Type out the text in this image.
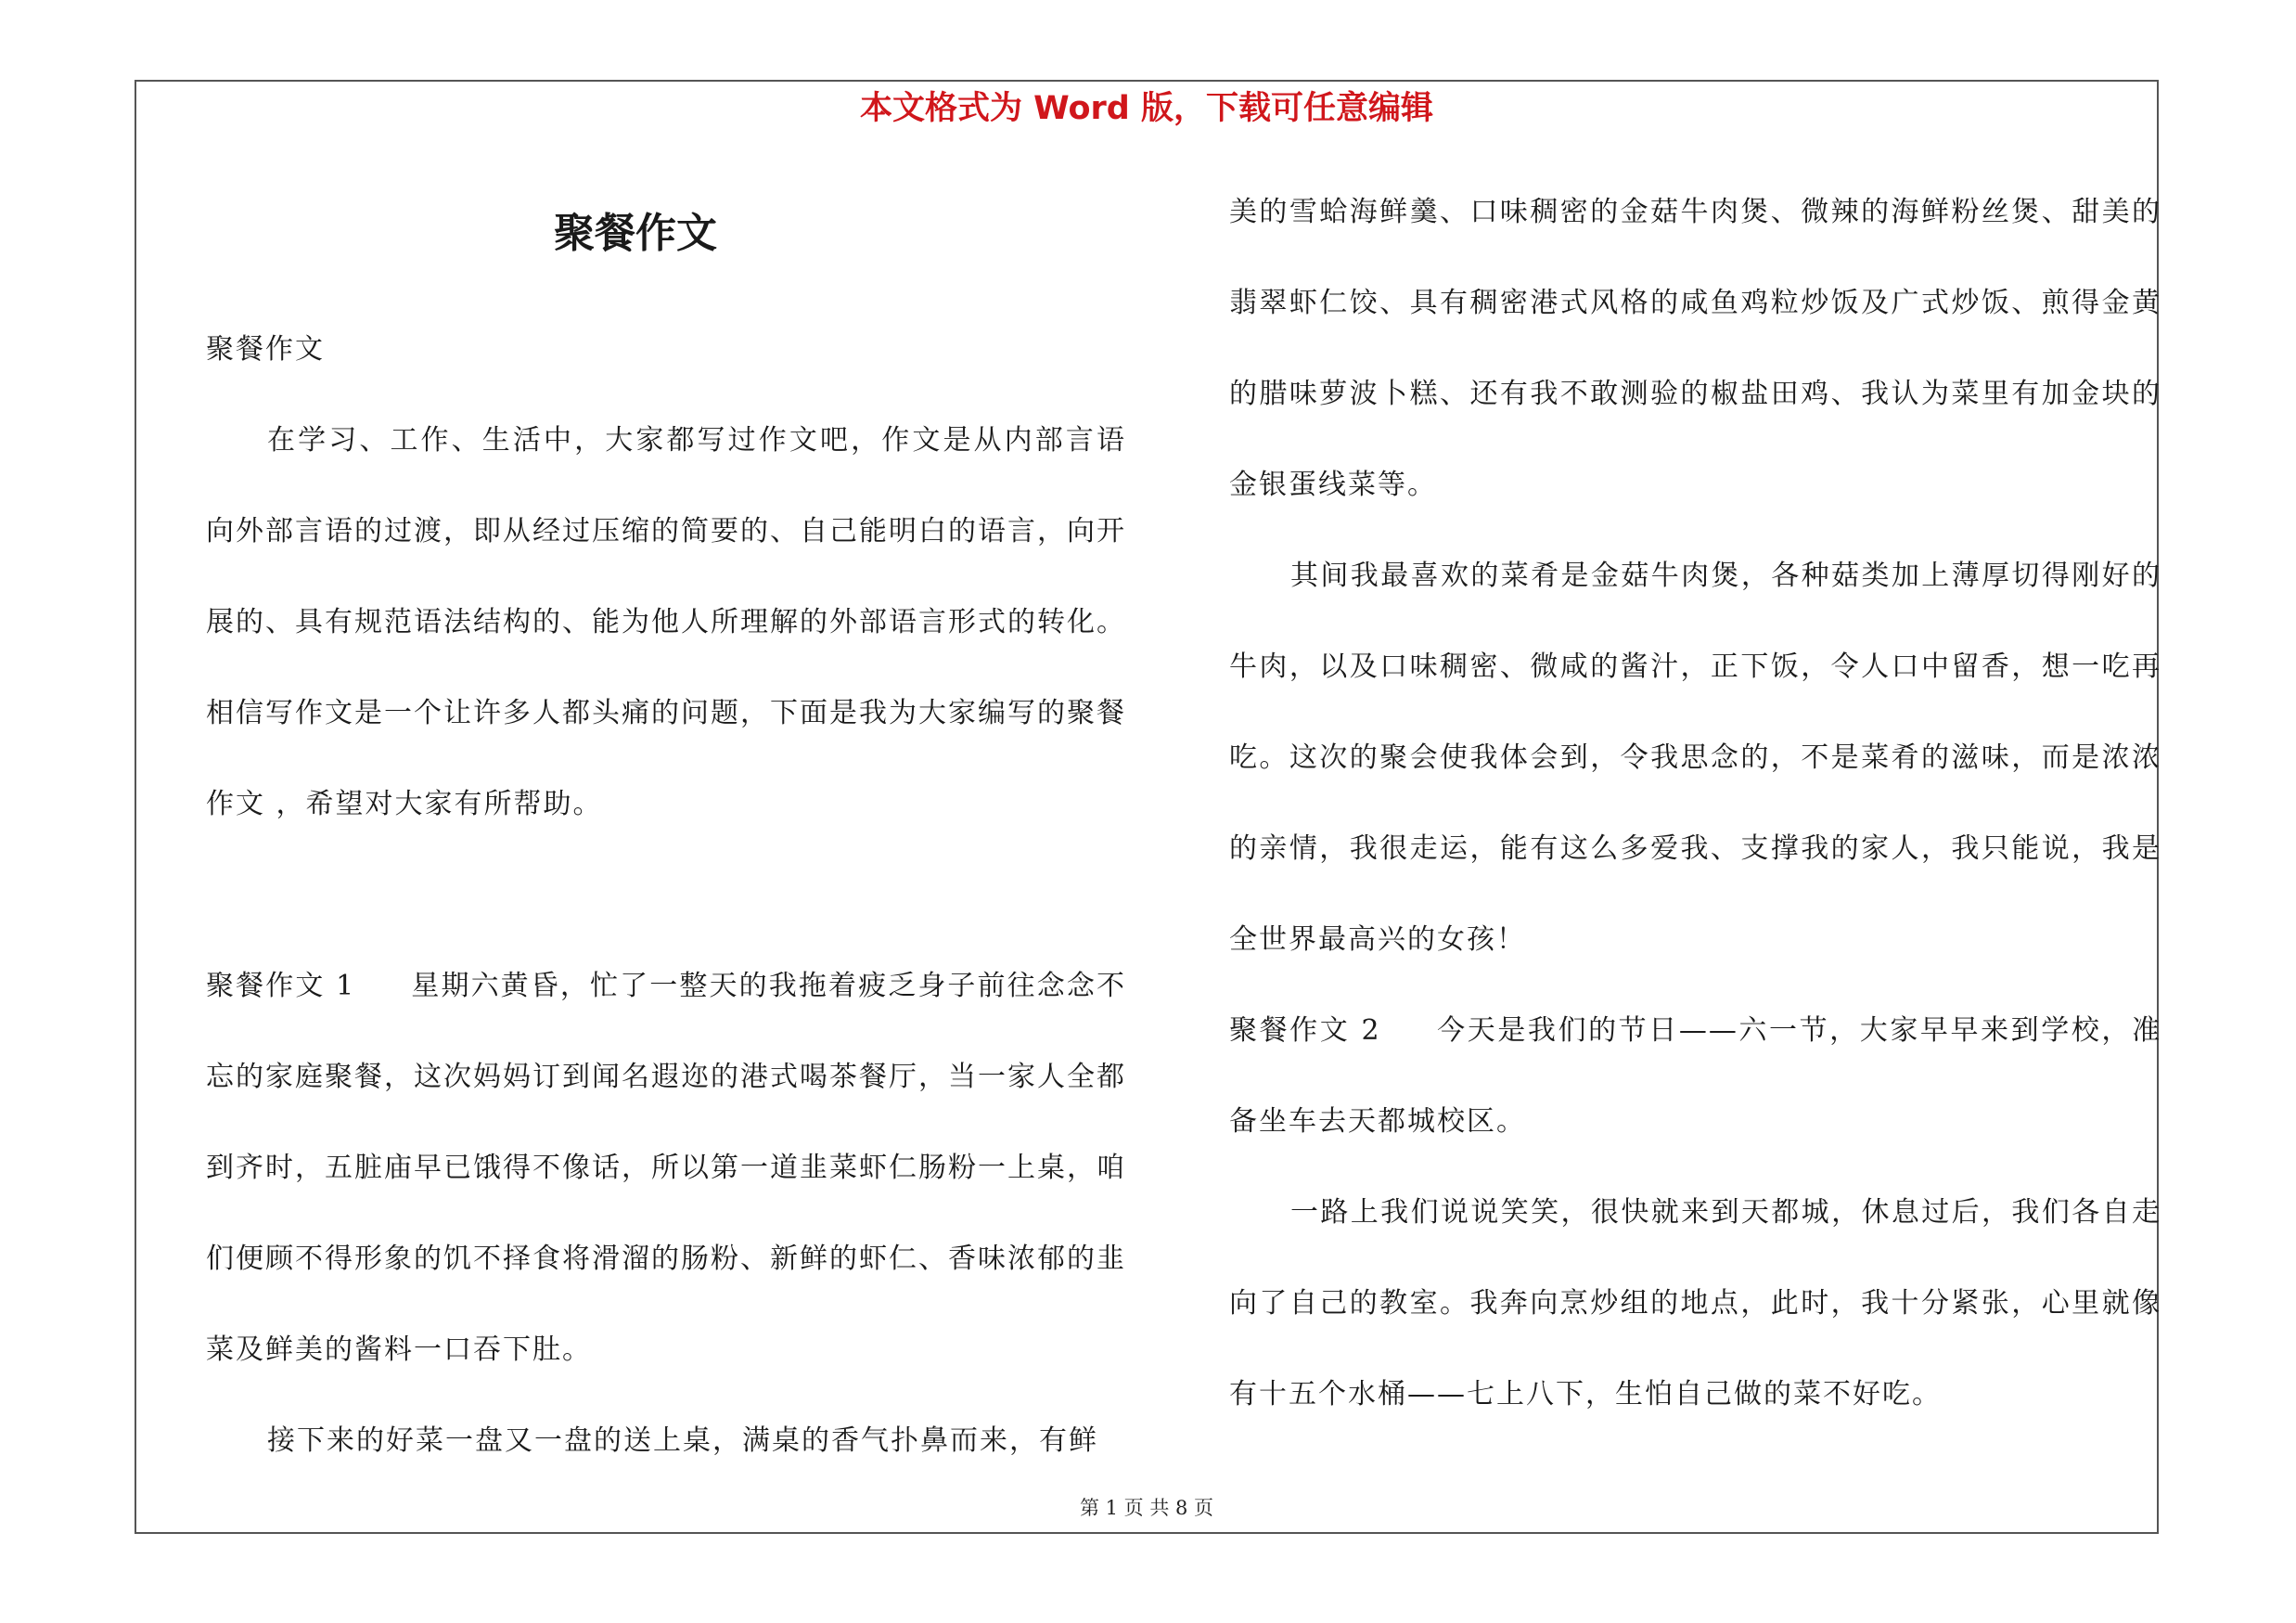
本文格式为 Word 版，下载可任意编辑
聚餐作文

聚餐作文

在学习、工作、生活中，大家都写过作文吧，作文是从内部言语向外部言语的过渡，即从经过压缩的简要的、自己能明白的语言，向开展的、具有规范语法结构的、能为他人所理解的外部语言形式的转化。相信写作文是一个让许多人都头痛的问题，下面是我为大家编写的聚餐作文 ，希望对大家有所帮助。

聚餐作文 1 星期六黄昏，忙了一整天的我拖着疲乏身子前往念念不忘的家庭聚餐，这次妈妈订到闻名遐迩的港式喝茶餐厅，当一家人全都到齐时，五脏庙早已饿得不像话，所以第一道韭菜虾仁肠粉一上桌，咱们便顾不得形象的饥不择食将滑溜的肠粉、新鲜的虾仁、香味浓郁的韭菜及鲜美的酱料一口吞下肚。

接下来的好菜一盘又一盘的送上桌，满桌的香气扑鼻而来，有鲜

美的雪蛤海鲜羹、口味稠密的金菇牛肉煲、微辣的海鲜粉丝煲、甜美的翡翠虾仁饺、具有稠密港式风格的咸鱼鸡粒炒饭及广式炒饭、煎得金黄的腊味萝波卜糕、还有我不敢测验的椒盐田鸡、我认为菜里有加金块的金银蛋线菜等。

其间我最喜欢的菜肴是金菇牛肉煲，各种菇类加上薄厚切得刚好的牛肉，以及口味稠密、微咸的酱汁，正下饭，令人口中留香，想一吃再吃。这次的聚会使我体会到，令我思念的，不是菜肴的滋味，而是浓浓的亲情，我很走运，能有这么多爱我、支撑我的家人，我只能说，我是全世界最高兴的女孩！

聚餐作文 2 今天是我们的节日——六一节，大家早早来到学校，准备坐车去天都城校区。

一路上我们说说笑笑，很快就来到天都城，休息过后，我们各自走向了自己的教室。我奔向烹炒组的地点，此时，我十分紧张，心里就像有十五个水桶——七上八下，生怕自己做的菜不好吃。

第 1 页 共 8 页
